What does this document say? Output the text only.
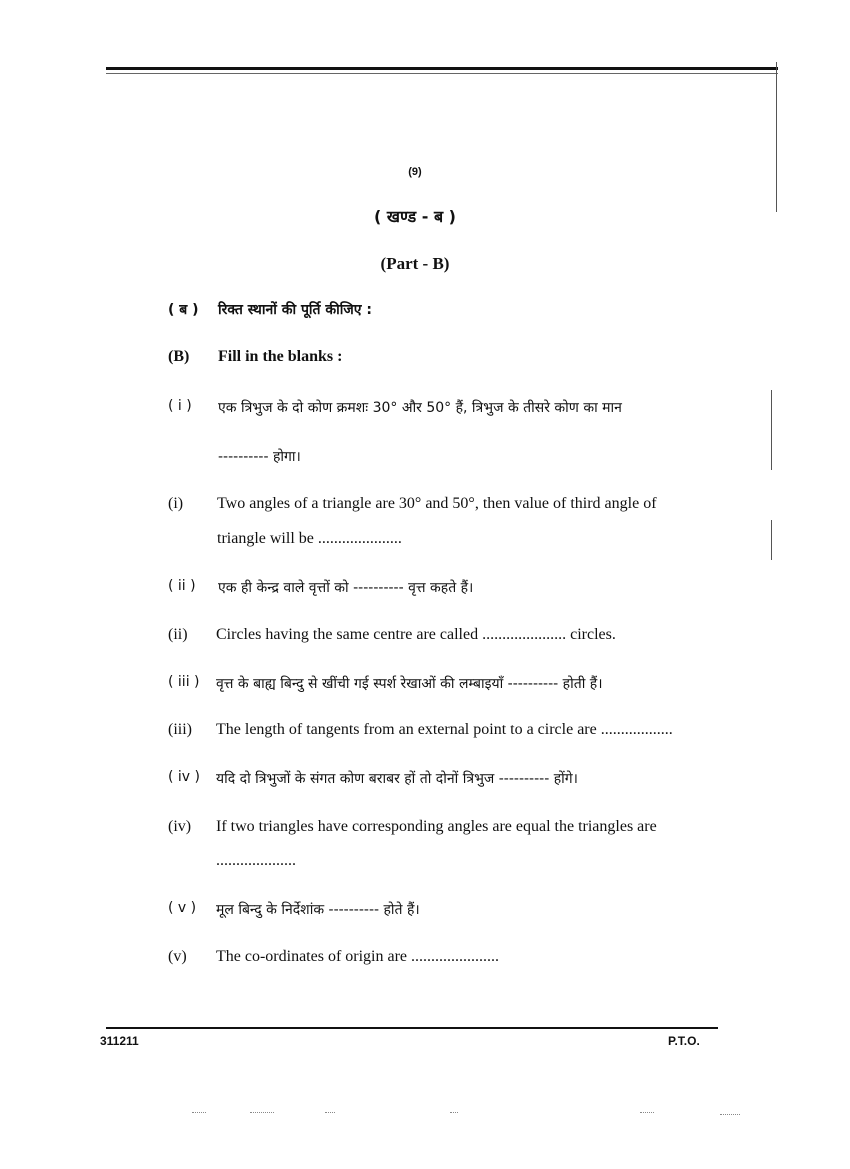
(9)
( खण्ड - ब )
(Part - B)
( ब ) रिक्त स्थानों की पूर्ति कीजिए :
(B) Fill in the blanks :
( i ) एक त्रिभुज के दो कोण क्रमशः 30° और 50° हैं, त्रिभुज के तीसरे कोण का मान
---------- होगा।
(i) Two angles of a triangle are 30° and 50°, then value of third angle of
triangle will be .....................
( ii ) एक ही केन्द्र वाले वृत्तों को ---------- वृत्त कहते हैं।
(ii) Circles having the same centre are called ..................... circles.
( iii ) वृत्त के बाह्य बिन्दु से खींची गई स्पर्श रेखाओं की लम्बाइयाँ ---------- होती हैं।
(iii) The length of tangents from an external point to a circle are ..................
( iv ) यदि दो त्रिभुजों के संगत कोण बराबर हों तो दोनों त्रिभुज ---------- होंगे।
(iv) If two triangles have corresponding angles are equal the triangles are
....................
( v ) मूल बिन्दु के निर्देशांक ---------- होते हैं।
(v) The co-ordinates of origin are ......................
311211	P.T.O.
